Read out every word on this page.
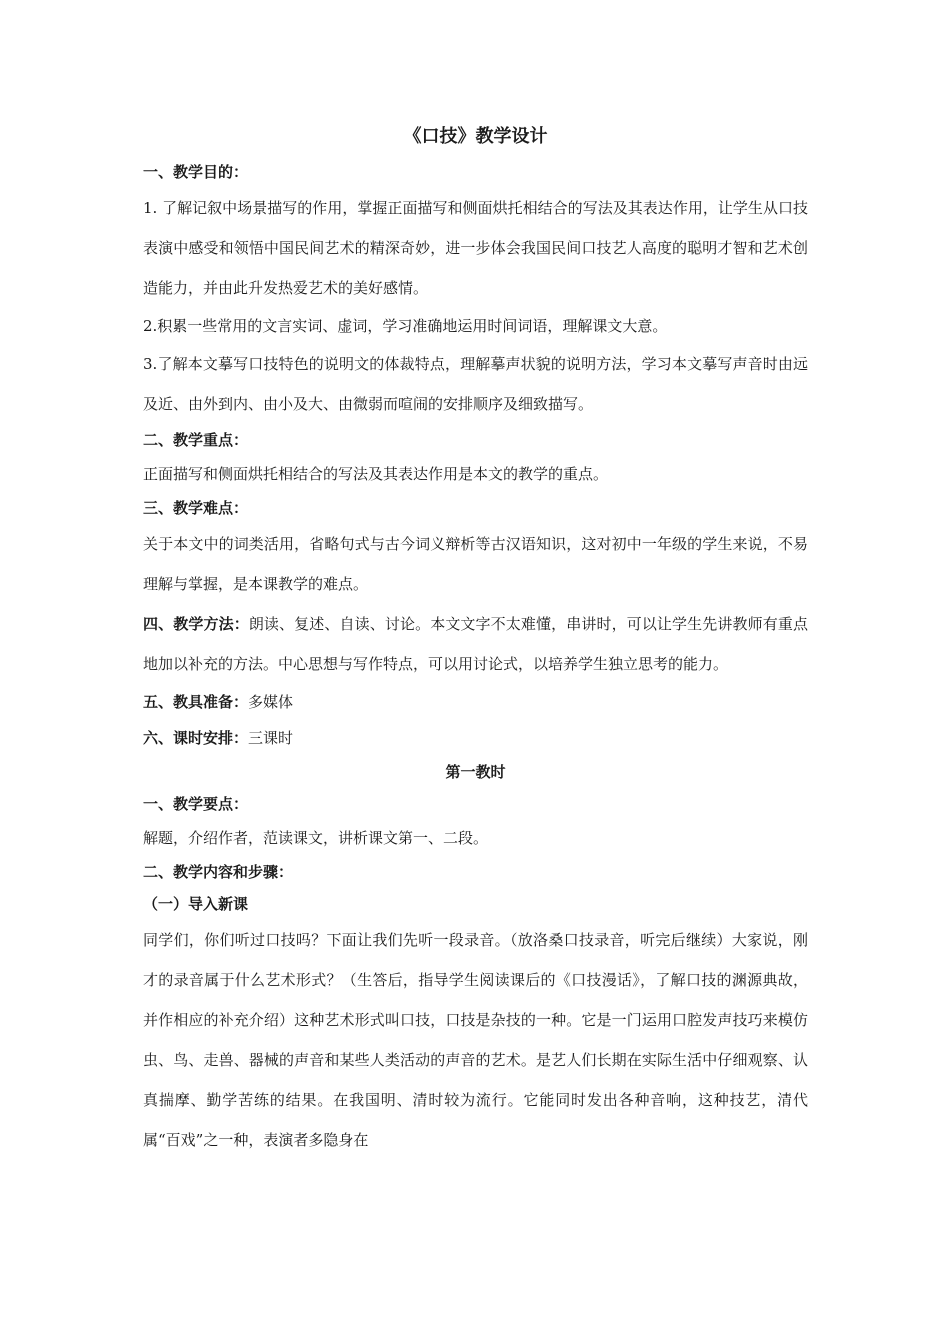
《口技》教学设计

一、教学目的：

1. 了解记叙中场景描写的作用，掌握正面描写和侧面烘托相结合的写法及其表达作用，让学生从口技表演中感受和领悟中国民间艺术的精深奇妙，进一步体会我国民间口技艺人高度的聪明才智和艺术创造能力，并由此升发热爱艺术的美好感情。

2.积累一些常用的文言实词、虚词，学习准确地运用时间词语，理解课文大意。

3.了解本文摹写口技特色的说明文的体裁特点，理解摹声状貌的说明方法，学习本文摹写声音时由远及近、由外到内、由小及大、由微弱而喧闹的安排顺序及细致描写。

二、教学重点：

正面描写和侧面烘托相结合的写法及其表达作用是本文的教学的重点。

三、教学难点：

关于本文中的词类活用，省略句式与古今词义辩析等古汉语知识，这对初中一年级的学生来说，不易理解与掌握，是本课教学的难点。

四、教学方法：朗读、复述、自读、讨论。本文文字不太难懂，串讲时，可以让学生先讲教师有重点地加以补充的方法。中心思想与写作特点，可以用讨论式，以培养学生独立思考的能力。

五、教具准备：多媒体

六、课时安排：三课时

第一教时

一、教学要点：

解题，介绍作者，范读课文，讲析课文第一、二段。

二、教学内容和步骤：

（一）导入新课

同学们，你们听过口技吗？下面让我们先听一段录音。（放洛桑口技录音，听完后继续）大家说，刚才的录音属于什么艺术形式？（生答后，指导学生阅读课后的《口技漫话》，了解口技的渊源典故，并作相应的补充介绍）这种艺术形式叫口技，口技是杂技的一种。它是一门运用口腔发声技巧来模仿虫、鸟、走兽、器械的声音和某些人类活动的声音的艺术。是艺人们长期在实际生活中仔细观察、认真揣摩、勤学苦练的结果。在我国明、清时较为流行。它能同时发出各种音响，这种技艺，清代属“百戏”之一种，表演者多隐身在
